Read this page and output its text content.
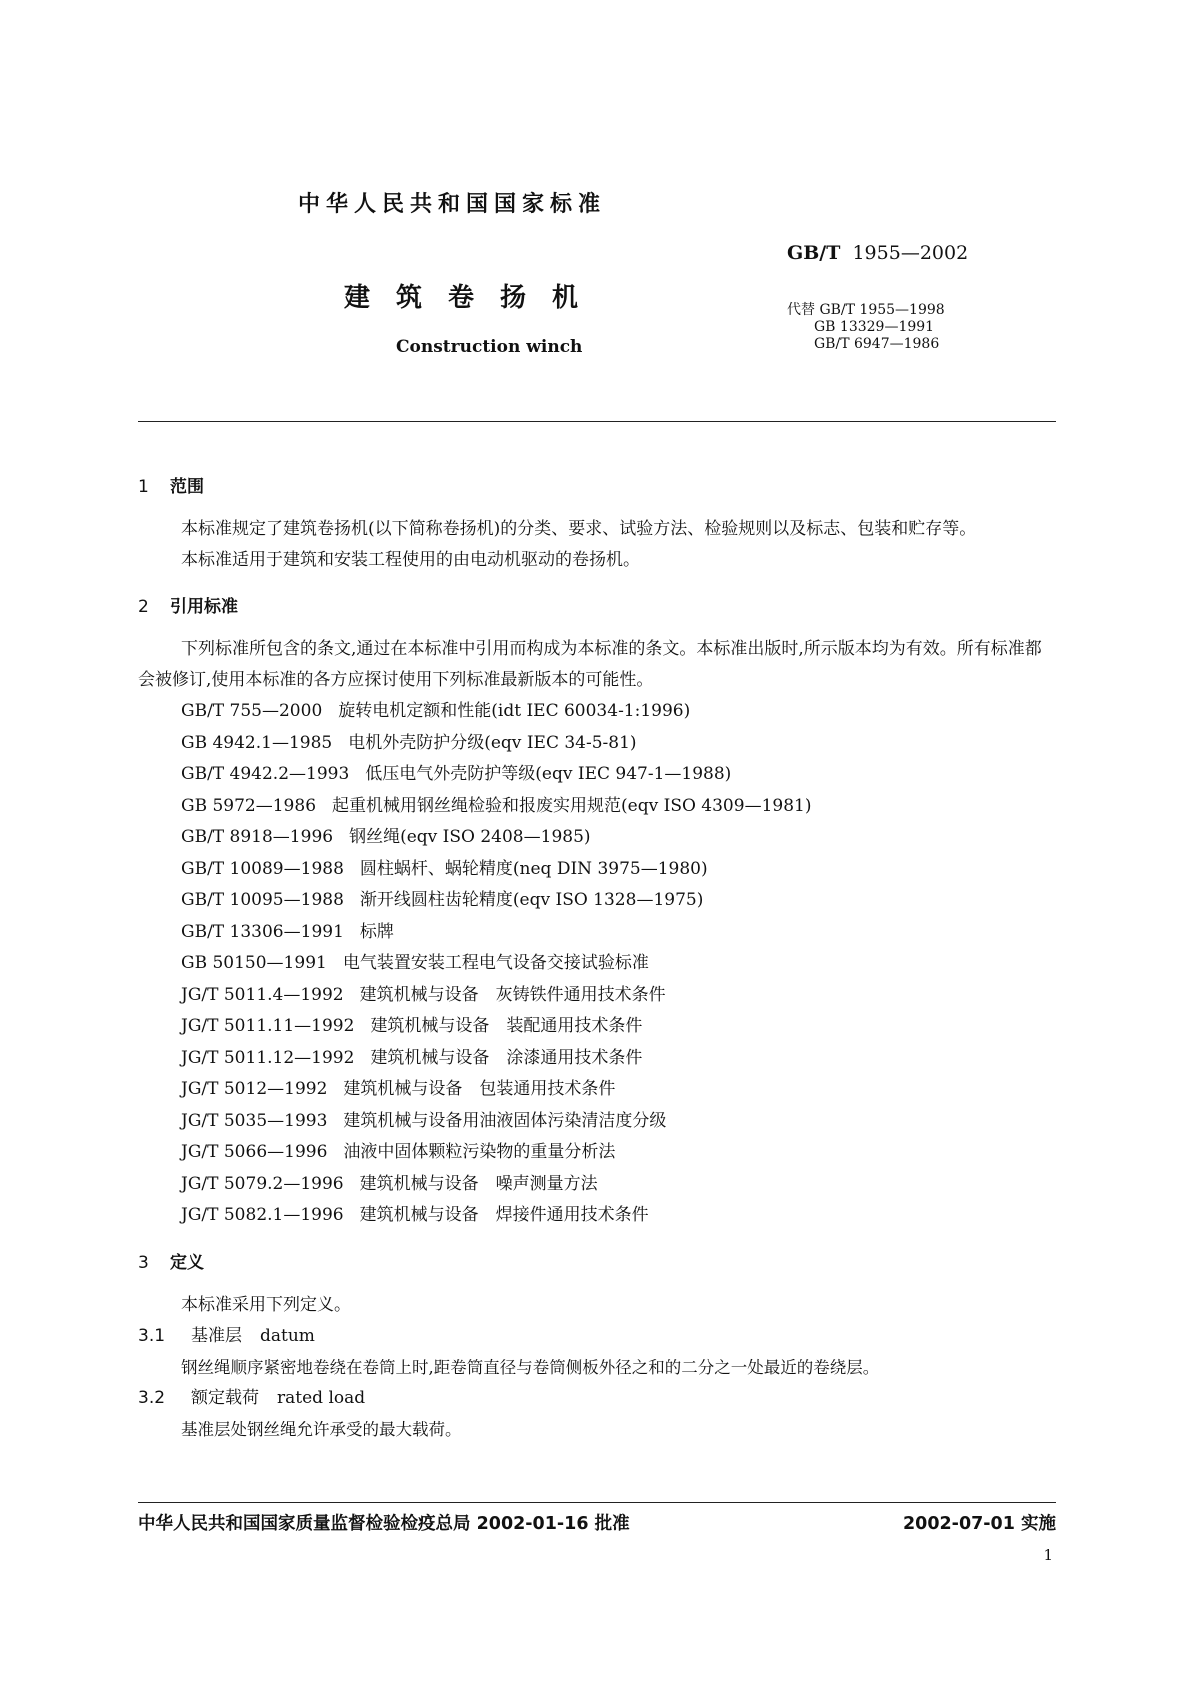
中华人民共和国国家标准
GB/T 1955—2002
建筑卷扬机	代替 GB/T 1955—1998
GB 13329—1991
GB/T 6947—1986
Construction winch
1 范围
本标准规定了建筑卷扬机(以下简称卷扬机)的分类、要求、试验方法、检验规则以及标志、包装和贮存等。
本标准适用于建筑和安装工程使用的由电动机驱动的卷扬机。
2 引用标准
下列标准所包含的条文,通过在本标准中引用而构成为本标准的条文。本标准出版时,所示版本均为有效。所有标准都会被修订,使用本标准的各方应探讨使用下列标准最新版本的可能性。
GB/T 755—2000 旋转电机定额和性能(idt IEC 60034-1:1996)
GB 4942.1—1985 电机外壳防护分级(eqv IEC 34-5-81)
GB/T 4942.2—1993 低压电气外壳防护等级(eqv IEC 947-1—1988)
GB 5972—1986 起重机械用钢丝绳检验和报废实用规范(eqv ISO 4309—1981)
GB/T 8918—1996 钢丝绳(eqv ISO 2408—1985)
GB/T 10089—1988 圆柱蜗杆、蜗轮精度(neq DIN 3975—1980)
GB/T 10095—1988 渐开线圆柱齿轮精度(eqv ISO 1328—1975)
GB/T 13306—1991 标牌
GB 50150—1991 电气装置安装工程电气设备交接试验标准
JG/T 5011.4—1992 建筑机械与设备　灰铸铁件通用技术条件
JG/T 5011.11—1992 建筑机械与设备　装配通用技术条件
JG/T 5011.12—1992 建筑机械与设备　涂漆通用技术条件
JG/T 5012—1992 建筑机械与设备　包装通用技术条件
JG/T 5035—1993 建筑机械与设备用油液固体污染清洁度分级
JG/T 5066—1996 油液中固体颗粒污染物的重量分析法
JG/T 5079.2—1996 建筑机械与设备　噪声测量方法
JG/T 5082.1—1996 建筑机械与设备　焊接件通用技术条件
3 定义
本标准采用下列定义。
3.1 基准层 datum
钢丝绳顺序紧密地卷绕在卷筒上时,距卷筒直径与卷筒侧板外径之和的二分之一处最近的卷绕层。
3.2 额定载荷 rated load
基准层处钢丝绳允许承受的最大载荷。
中华人民共和国国家质量监督检验检疫总局 2002-01-16 批准	2002-07-01 实施
1
